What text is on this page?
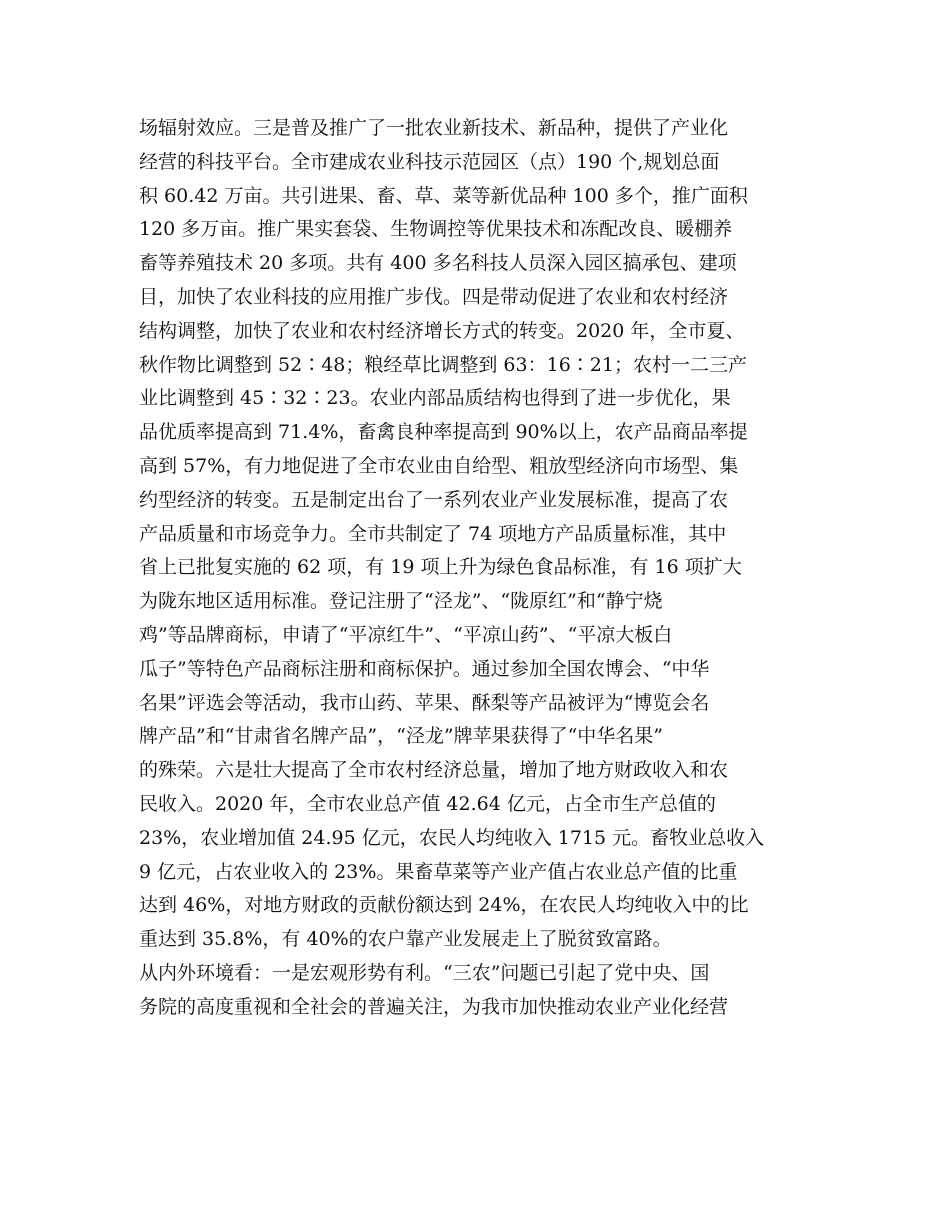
场辐射效应。三是普及推广了一批农业新技术、新品种，提供了产业化
经营的科技平台。全市建成农业科技示范园区（点）190 个,规划总面
积 60.42 万亩。共引进果、畜、草、菜等新优品种 100 多个，推广面积
120 多万亩。推广果实套袋、生物调控等优果技术和冻配改良、暖棚养
畜等养殖技术 20 多项。共有 400 多名科技人员深入园区搞承包、建项
目，加快了农业科技的应用推广步伐。四是带动促进了农业和农村经济
结构调整，加快了农业和农村经济增长方式的转变。2020 年，全市夏、
秋作物比调整到 52∶48；粮经草比调整到 63：16∶21；农村一二三产
业比调整到 45∶32∶23。农业内部品质结构也得到了进一步优化，果
品优质率提高到 71.4%，畜禽良种率提高到 90%以上，农产品商品率提
高到 57%，有力地促进了全市农业由自给型、粗放型经济向市场型、集
约型经济的转变。五是制定出台了一系列农业产业发展标准，提高了农
产品质量和市场竞争力。全市共制定了 74 项地方产品质量标准，其中
省上已批复实施的 62 项，有 19 项上升为绿色食品标准，有 16 项扩大
为陇东地区适用标准。登记注册了“泾龙”、“陇原红”和“静宁烧
鸡”等品牌商标，申请了“平凉红牛”、“平凉山药”、“平凉大板白
瓜子”等特色产品商标注册和商标保护。通过参加全国农博会、“中华
名果”评选会等活动，我市山药、苹果、酥梨等产品被评为“博览会名
牌产品”和“甘肃省名牌产品”，“泾龙”牌苹果获得了“中华名果”
的殊荣。六是壮大提高了全市农村经济总量，增加了地方财政收入和农
民收入。2020 年，全市农业总产值 42.64 亿元，占全市生产总值的
23%，农业增加值 24.95 亿元，农民人均纯收入 1715 元。畜牧业总收入
9 亿元，占农业收入的 23%。果畜草菜等产业产值占农业总产值的比重
达到 46%，对地方财政的贡献份额达到 24%，在农民人均纯收入中的比
重达到 35.8%，有 40%的农户靠产业发展走上了脱贫致富路。
从内外环境看：一是宏观形势有利。“三农”问题已引起了党中央、国
务院的高度重视和全社会的普遍关注，为我市加快推动农业产业化经营
